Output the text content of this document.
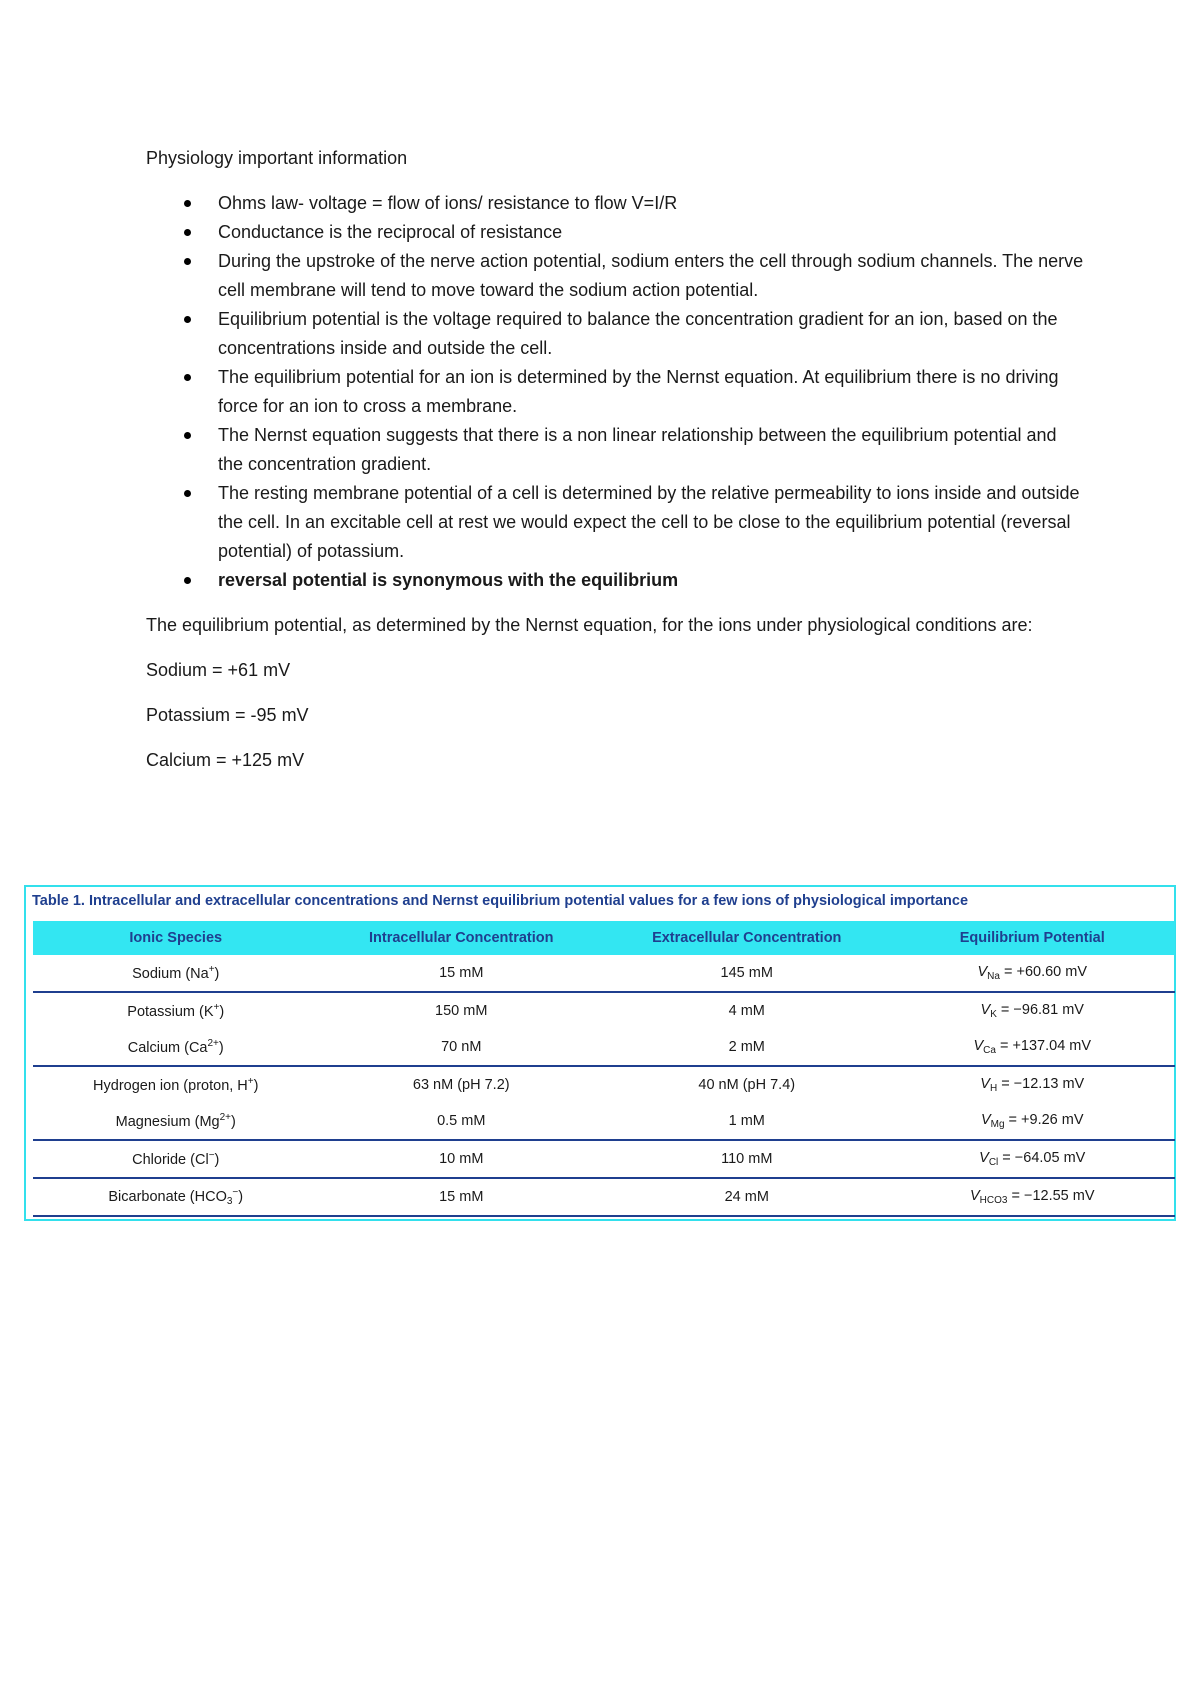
Physiology important information

Ohms law- voltage = flow of ions/ resistance to flow V=I/R
Conductance is the reciprocal of resistance
During the upstroke of the nerve action potential, sodium enters the cell through sodium channels. The nerve cell membrane will tend to move toward the sodium action potential.
Equilibrium potential is the voltage required to balance the concentration gradient for an ion, based on the concentrations inside and outside the cell.
The equilibrium potential for an ion is determined by the Nernst equation. At equilibrium there is no driving force for an ion to cross a membrane.
The Nernst equation suggests that there is a non linear relationship between the equilibrium potential and the concentration gradient.
The resting membrane potential of a cell is determined by the relative permeability to ions inside and outside the cell. In an excitable cell at rest we would expect the cell to be close to the equilibrium potential (reversal potential) of potassium.
reversal potential is synonymous with the equilibrium

The equilibrium potential, as determined by the Nernst equation, for the ions under physiological conditions are:

Sodium = +61 mV

Potassium = -95 mV

Calcium = +125 mV

Table 1. Intracellular and extracellular concentrations and Nernst equilibrium potential values for a few ions of physiological importance
Ionic Species	Intracellular Concentration	Extracellular Concentration	Equilibrium Potential
Sodium (Na+)	15 mM	145 mM	$V_{Na} = +60.60$ mV
Potassium (K+)	150 mM	4 mM	$V_K = -96.81$ mV
Calcium $(Ca^{2+})$	70 nM	2 mM	$V_{Ca} = +137.04$ mV
Hydrogen ion (proton, H+)	63 nM (pH 7.2)	40 nM (pH 7.4)	$V_H = -12.13$ mV
Magnesium $(Mg^{2+})$	0.5 mM	1 mM	$V_{Mg} = +9.26$ mV
Chloride (Cl−)	10 mM	110 mM	$V_{Cl} = -64.05$ mV
Bicarbonate $(HCO_3^-)$	15 mM	24 mM	$V_{HCO3} = -12.55$ mV
